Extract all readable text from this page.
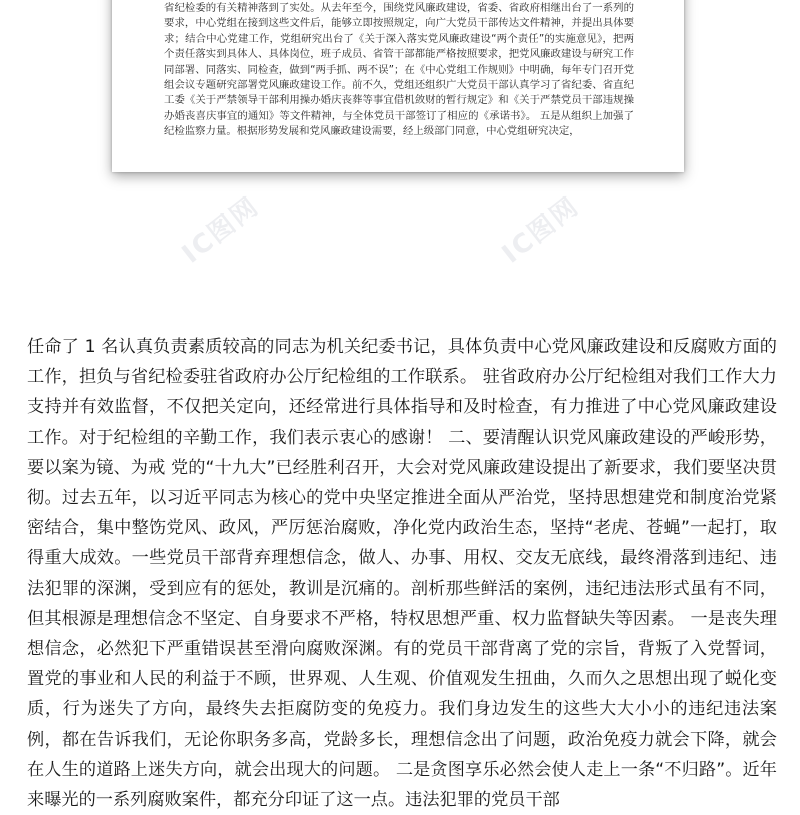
省纪检委的有关精神落到了实处。从去年至今，围绕党风廉政建设，省委、省政府相继出台了一系列的要求，中心党组在接到这些文件后，能够立即按照规定，向广大党员干部传达文件精神，并提出具体要求；结合中心党建工作，党组研究出台了《关于深入落实党风廉政建设“两个责任”的实施意见》，把两个责任落实到具体人、具体岗位，班子成员、省管干部都能严格按照要求，把党风廉政建设与研究工作同部署、同落实、同检查，做到“两手抓、两不误”；在《中心党组工作规则》中明确，每年专门召开党组会议专题研究部署党风廉政建设工作。前不久，党组还组织广大党员干部认真学习了省纪委、省直纪工委《关于严禁领导干部利用操办婚庆丧葬等事宜借机敛财的暂行规定》和《关于严禁党员干部违规操办婚丧喜庆事宜的通知》等文件精神，与全体党员干部签订了相应的《承诺书》。 五是从组织上加强了纪检监察力量。根据形势发展和党风廉政建设需要，经上级部门同意，中心党组研究决定，
IC图网	IC图网

任命了 1 名认真负责素质较高的同志为机关纪委书记，具体负责中心党风廉政建设和反腐败方面的工作，担负与省纪检委驻省政府办公厅纪检组的工作联系。 驻省政府办公厅纪检组对我们工作大力支持并有效监督，不仅把关定向，还经常进行具体指导和及时检查，有力推进了中心党风廉政建设工作。对于纪检组的辛勤工作，我们表示衷心的感谢！ 二、要清醒认识党风廉政建设的严峻形势，要以案为镜、为戒 党的“十九大”已经胜利召开，大会对党风廉政建设提出了新要求，我们要坚决贯彻。过去五年，以习近平同志为核心的党中央坚定推进全面从严治党，坚持思想建党和制度治党紧密结合，集中整饬党风、政风，严厉惩治腐败，净化党内政治生态，坚持“老虎、苍蝇”一起打，取得重大成效。一些党员干部背弃理想信念，做人、办事、用权、交友无底线，最终滑落到违纪、违法犯罪的深渊，受到应有的惩处，教训是沉痛的。剖析那些鲜活的案例，违纪违法形式虽有不同，但其根源是理想信念不坚定、自身要求不严格，特权思想严重、权力监督缺失等因素。 一是丧失理想信念，必然犯下严重错误甚至滑向腐败深渊。有的党员干部背离了党的宗旨，背叛了入党誓词，置党的事业和人民的利益于不顾，世界观、人生观、价值观发生扭曲，久而久之思想出现了蜕化变质，行为迷失了方向，最终失去拒腐防变的免疫力。我们身边发生的这些大大小小的违纪违法案例，都在告诉我们，无论你职务多高，党龄多长，理想信念出了问题，政治免疫力就会下降，就会在人生的道路上迷失方向，就会出现大的问题。 二是贪图享乐必然会使人走上一条“不归路”。近年来曝光的一系列腐败案件，都充分印证了这一点。违法犯罪的党员干部
